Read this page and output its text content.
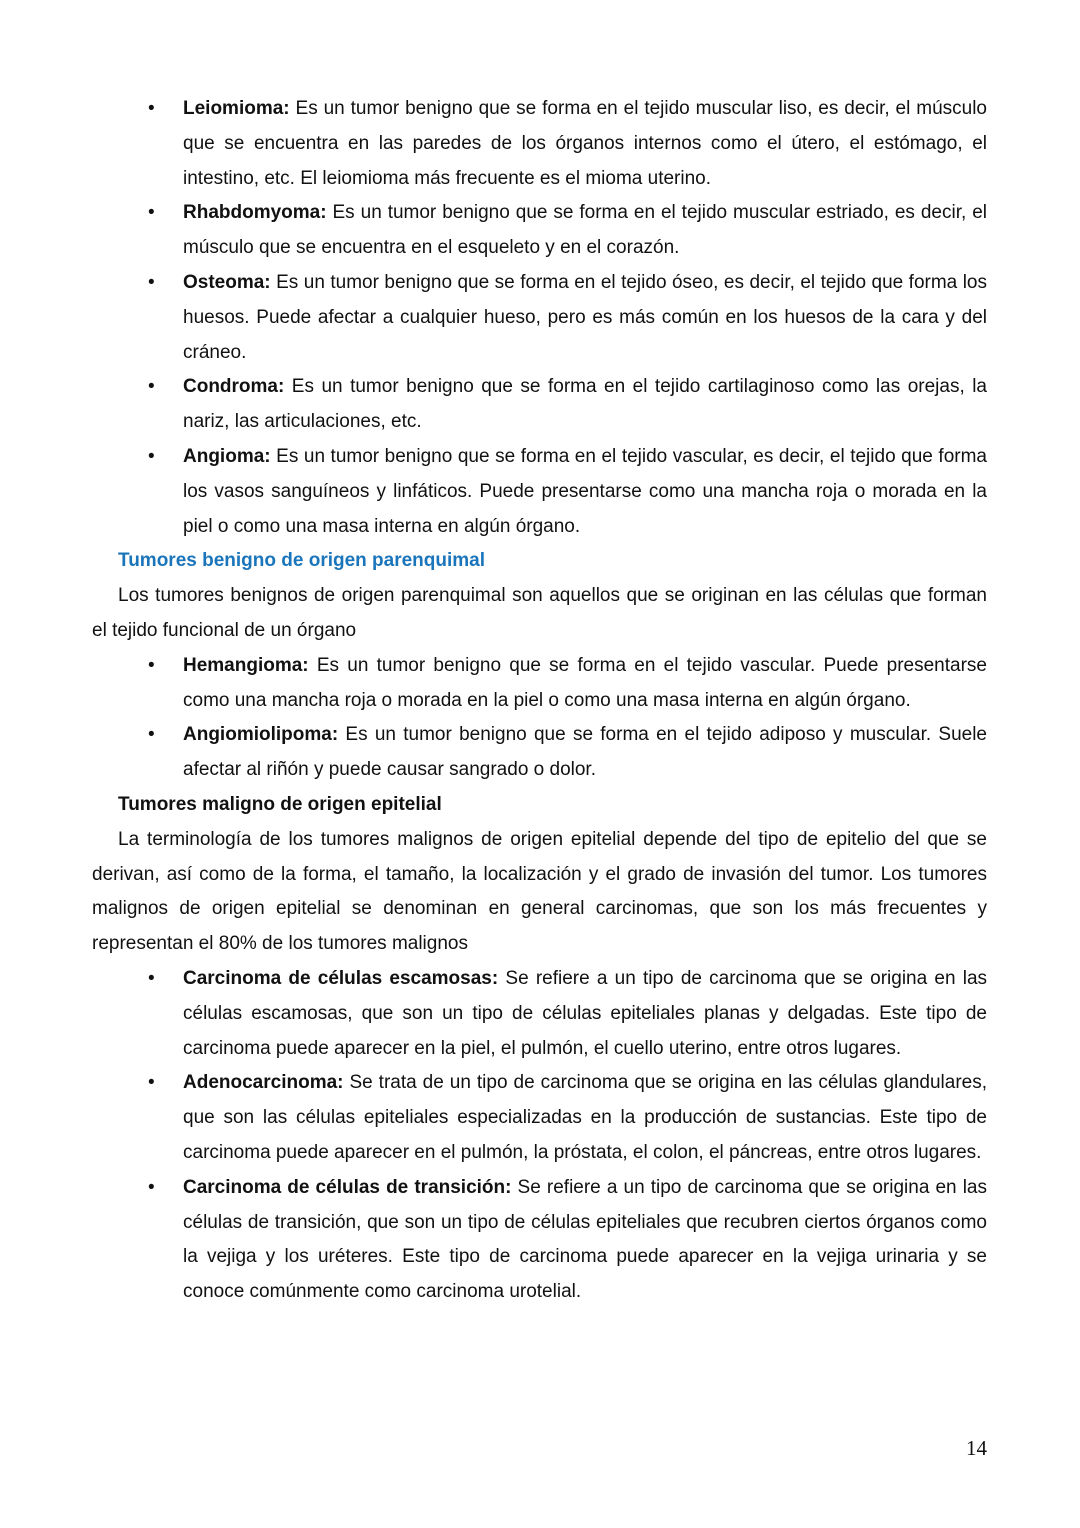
• Leiomioma: Es un tumor benigno que se forma en el tejido muscular liso, es decir, el músculo que se encuentra en las paredes de los órganos internos como el útero, el estómago, el intestino, etc. El leiomioma más frecuente es el mioma uterino.
• Rhabdomyoma: Es un tumor benigno que se forma en el tejido muscular estriado, es decir, el músculo que se encuentra en el esqueleto y en el corazón.
• Osteoma: Es un tumor benigno que se forma en el tejido óseo, es decir, el tejido que forma los huesos. Puede afectar a cualquier hueso, pero es más común en los huesos de la cara y del cráneo.
• Condroma: Es un tumor benigno que se forma en el tejido cartilaginoso como las orejas, la nariz, las articulaciones, etc.
• Angioma: Es un tumor benigno que se forma en el tejido vascular, es decir, el tejido que forma los vasos sanguíneos y linfáticos. Puede presentarse como una mancha roja o morada en la piel o como una masa interna en algún órgano.
Tumores benigno de origen parenquimal

Los tumores benignos de origen parenquimal son aquellos que se originan en las células que forman el tejido funcional de un órgano

• Hemangioma: Es un tumor benigno que se forma en el tejido vascular. Puede presentarse como una mancha roja o morada en la piel o como una masa interna en algún órgano.
• Angiomiolipoma: Es un tumor benigno que se forma en el tejido adiposo y muscular. Suele afectar al riñón y puede causar sangrado o dolor.
Tumores maligno de origen epitelial

La terminología de los tumores malignos de origen epitelial depende del tipo de epitelio del que se derivan, así como de la forma, el tamaño, la localización y el grado de invasión del tumor. Los tumores malignos de origen epitelial se denominan en general carcinomas, que son los más frecuentes y representan el 80% de los tumores malignos

• Carcinoma de células escamosas: Se refiere a un tipo de carcinoma que se origina en las células escamosas, que son un tipo de células epiteliales planas y delgadas. Este tipo de carcinoma puede aparecer en la piel, el pulmón, el cuello uterino, entre otros lugares.
• Adenocarcinoma: Se trata de un tipo de carcinoma que se origina en las células glandulares, que son las células epiteliales especializadas en la producción de sustancias. Este tipo de carcinoma puede aparecer en el pulmón, la próstata, el colon, el páncreas, entre otros lugares.
• Carcinoma de células de transición: Se refiere a un tipo de carcinoma que se origina en las células de transición, que son un tipo de células epiteliales que recubren ciertos órganos como la vejiga y los uréteres. Este tipo de carcinoma puede aparecer en la vejiga urinaria y se conoce comúnmente como carcinoma urotelial.
14
